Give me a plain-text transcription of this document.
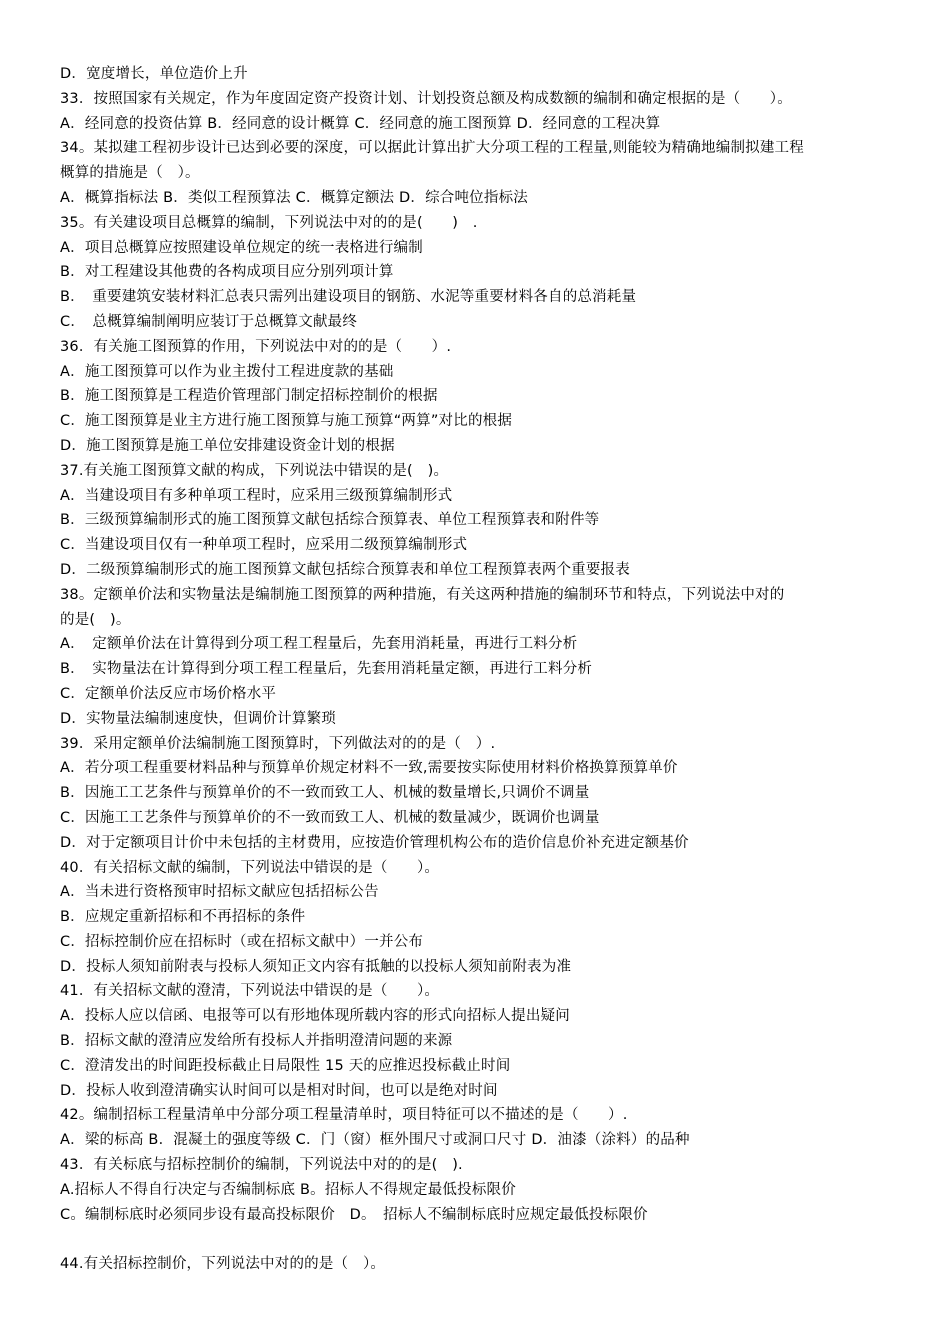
D．宽度增长，单位造价上升
33．按照国家有关规定，作为年度固定资产投资计划、计划投资总额及构成数额的编制和确定根据的是（　　）。
A．经同意的投资估算 B．经同意的设计概算 C．经同意的施工图预算 D．经同意的工程决算
34。某拟建工程初步设计已达到必要的深度，可以据此计算出扩大分项工程的工程量,则能较为精确地编制拟建工程
概算的措施是（　）。
A．概算指标法 B．类似工程预算法 C．概算定额法 D．综合吨位指标法
35。有关建设项目总概算的编制，下列说法中对的的是(　　)　.
A．项目总概算应按照建设单位规定的统一表格进行编制
B．对工程建设其他费的各构成项目应分别列项计算
B．　重要建筑安装材料汇总表只需列出建设项目的钢筋、水泥等重要材料各自的总消耗量
C．　总概算编制阐明应装订于总概算文献最终
36．有关施工图预算的作用，下列说法中对的的是（　　）.
A．施工图预算可以作为业主拨付工程进度款的基础
B．施工图预算是工程造价管理部门制定招标控制价的根据
C．施工图预算是业主方进行施工图预算与施工预算“两算”对比的根据
D．施工图预算是施工单位安排建设资金计划的根据
37.有关施工图预算文献的构成，下列说法中错误的是(　)。
A．当建设项目有多种单项工程时，应采用三级预算编制形式
B．三级预算编制形式的施工图预算文献包括综合预算表、单位工程预算表和附件等
C．当建设项目仅有一种单项工程时，应采用二级预算编制形式
D．二级预算编制形式的施工图预算文献包括综合预算表和单位工程预算表两个重要报表
38。定额单价法和实物量法是编制施工图预算的两种措施，有关这两种措施的编制环节和特点，下列说法中对的
的是(　)。
A．　定额单价法在计算得到分项工程工程量后，先套用消耗量，再进行工料分析
B．　实物量法在计算得到分项工程工程量后，先套用消耗量定额，再进行工料分析
C．定额单价法反应市场价格水平
D．实物量法编制速度快，但调价计算繁琐
39．采用定额单价法编制施工图预算时，下列做法对的的是（　）.
A．若分项工程重要材料品种与预算单价规定材料不一致,需要按实际使用材料价格换算预算单价
B．因施工工艺条件与预算单价的不一致而致工人、机械的数量增长,只调价不调量
C．因施工工艺条件与预算单价的不一致而致工人、机械的数量减少，既调价也调量
D．对于定额项目计价中未包括的主材费用，应按造价管理机构公布的造价信息价补充进定额基价
40．有关招标文献的编制，下列说法中错误的是（　　）。
A．当未进行资格预审时招标文献应包括招标公告
B．应规定重新招标和不再招标的条件
C．招标控制价应在招标时（或在招标文献中）一并公布
D．投标人须知前附表与投标人须知正文内容有抵触的以投标人须知前附表为准
41．有关招标文献的澄清，下列说法中错误的是（　　）。
A．投标人应以信函、电报等可以有形地体现所载内容的形式向招标人提出疑问
B．招标文献的澄清应发给所有投标人并指明澄清问题的来源
C．澄清发出的时间距投标截止日局限性 15 天的应推迟投标截止时间
D．投标人收到澄清确实认时间可以是相对时间，也可以是绝对时间
42。编制招标工程量清单中分部分项工程量清单时，项目特征可以不描述的是（　　）.
A．梁的标高 B．混凝土的强度等级 C．门（窗）框外围尺寸或洞口尺寸 D．油漆（涂料）的品种
43．有关标底与招标控制价的编制，下列说法中对的的是(　).
A.招标人不得自行决定与否编制标底 B。招标人不得规定最低投标限价
C。编制标底时必须同步设有最高投标限价　D。　招标人不编制标底时应规定最低投标限价
44.有关招标控制价，下列说法中对的的是（　）。
